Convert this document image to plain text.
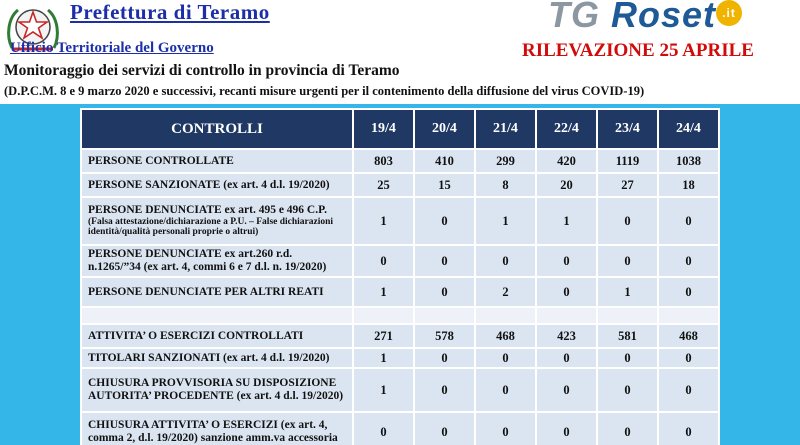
Prefettura di Teramo
Ufficio Territoriale del Governo
TG Roset .it
RILEVAZIONE 25 APRILE
Monitoraggio dei servizi di controllo in provincia di Teramo
(D.P.C.M. 8 e 9 marzo 2020 e successivi, recanti misure urgenti per il contenimento della diffusione del virus COVID-19)
CONTROLLI	19/4	20/4	21/4	22/4	23/4	24/4	
PERSONE CONTROLLATE	803	410	299	420	1119	1038	
PERSONE SANZIONATE (ex art. 4 d.l. 19/2020)	25	15	8	20	27	18	
PERSONE DENUNCIATE ex art. 495 e 496 C.P.
(Falsa attestazione/dichiarazione a P.U. – False dichiarazioni identità/qualità personali proprie o altrui)	1	0	1	1	0	0	
PERSONE DENUNCIATE ex art.260 r.d. n.1265/”34 (ex art. 4, commi 6 e 7 d.l. n. 19/2020)	0	0	0	0	0	0	
PERSONE DENUNCIATE PER ALTRI REATI	1	0	2	0	1	0	

ATTIVITA’ O ESERCIZI CONTROLLATI	271	578	468	423	581	468	
TITOLARI SANZIONATI (ex art. 4 d.l. 19/2020)	1	0	0	0	0	0	
CHIUSURA PROVVISORIA SU DISPOSIZIONE AUTORITA’ PROCEDENTE (ex art. 4 d.l. 19/2020)	1	0	0	0	0	0	
CHIUSURA ATTIVITA’ O ESERCIZI (ex art. 4, comma 2, d.l. 19/2020) sanzione amm.va accessoria	0	0	0	0	0	0	
